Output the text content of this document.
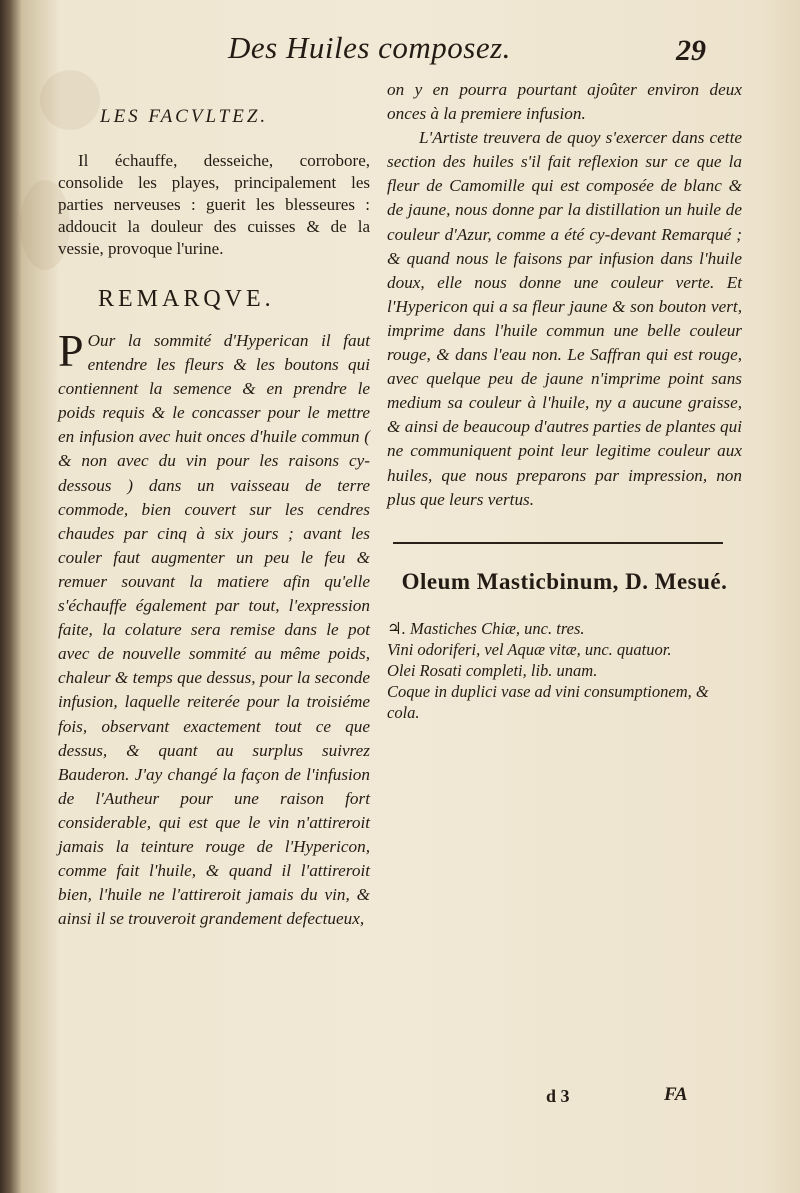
Des Huiles composez.	29
LES FACVLTEZ.

Il échauffe, desseiche, corrobore, consolide les playes, principalement les parties nerveuses : guerit les blesseures : addoucit la douleur des cuisses & de la vessie, provoque l'urine.

REMARQVE.

P Our la sommité d'Hyperican il faut entendre les fleurs & les boutons qui contiennent la semence & en prendre le poids requis & le concasser pour le mettre en infusion avec huit onces d'huile commun ( & non avec du vin pour les raisons cy-dessous ) dans un vaisseau de terre commode, bien couvert sur les cendres chaudes par cinq à six jours ; avant les couler faut augmenter un peu le feu & remuer souvant la matiere afin qu'elle s'échauffe également par tout, l'expression faite, la colature sera remise dans le pot avec de nouvelle sommité au même poids, chaleur & temps que dessus, pour la seconde infusion, laquelle reiterée pour la troisiéme fois, observant exactement tout ce que dessus, & quant au surplus suivrez Bauderon. J'ay changé la façon de l'infusion de l'Autheur pour une raison fort considerable, qui est que le vin n'attireroit jamais la teinture rouge de l'Hypericon, comme fait l'huile, & quand il l'attireroit bien, l'huile ne l'attireroit jamais du vin, & ainsi il se trouveroit grandement defectueux,

on y en pourra pourtant ajoûter environ deux onces à la premiere infusion.

L'Artiste treuvera de quoy s'exercer dans cette section des huiles s'il fait reflexion sur ce que la fleur de Camomille qui est composée de blanc & de jaune, nous donne par la distillation un huile de couleur d'Azur, comme a été cy-devant Remarqué ; & quand nous le faisons par infusion dans l'huile doux, elle nous donne une couleur verte. Et l'Hypericon qui a sa fleur jaune & son bouton vert, imprime dans l'huile commun une belle couleur rouge, & dans l'eau non. Le Saffran qui est rouge, avec quelque peu de jaune n'imprime point sans medium sa couleur à l'huile, ny a aucune graisse, & ainsi de beaucoup d'autres parties de plantes qui ne communiquent point leur legitime couleur aux huiles, que nous preparons par impression, non plus que leurs vertus.

Oleum Masticbinum, D. Mesué.

♃. Mastiches Chiæ, unc. tres.

Vini odoriferi, vel Aquæ vitæ, unc. quatuor.

Olei Rosati completi, lib. unam.

Coque in duplici vase ad vini consumptionem, & cola.

d 3	FA
